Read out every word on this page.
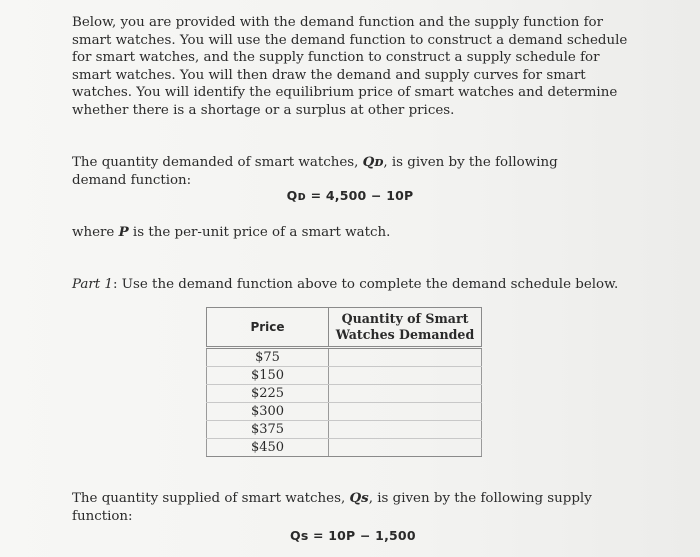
Below, you are provided with the demand function and the supply function for smart watches. You will use the demand function to construct a demand schedule for smart watches, and the supply function to construct a supply schedule for smart watches. You will then draw the demand and supply curves for smart watches. You will identify the equilibrium price of smart watches and determine whether there is a shortage or a surplus at other prices.
The quantity demanded of smart watches, Qᴅ, is given by the following demand function:
Qᴅ = 4,500 − 10P
where P is the per-unit price of a smart watch.
Part 1: Use the demand function above to complete the demand schedule below.
Price	Quantity of Smart Watches Demanded
$75	
$150	
$225	
$300	
$375	
$450	
The quantity supplied of smart watches, Qs, is given by the following supply function:
Qs = 10P − 1,500
